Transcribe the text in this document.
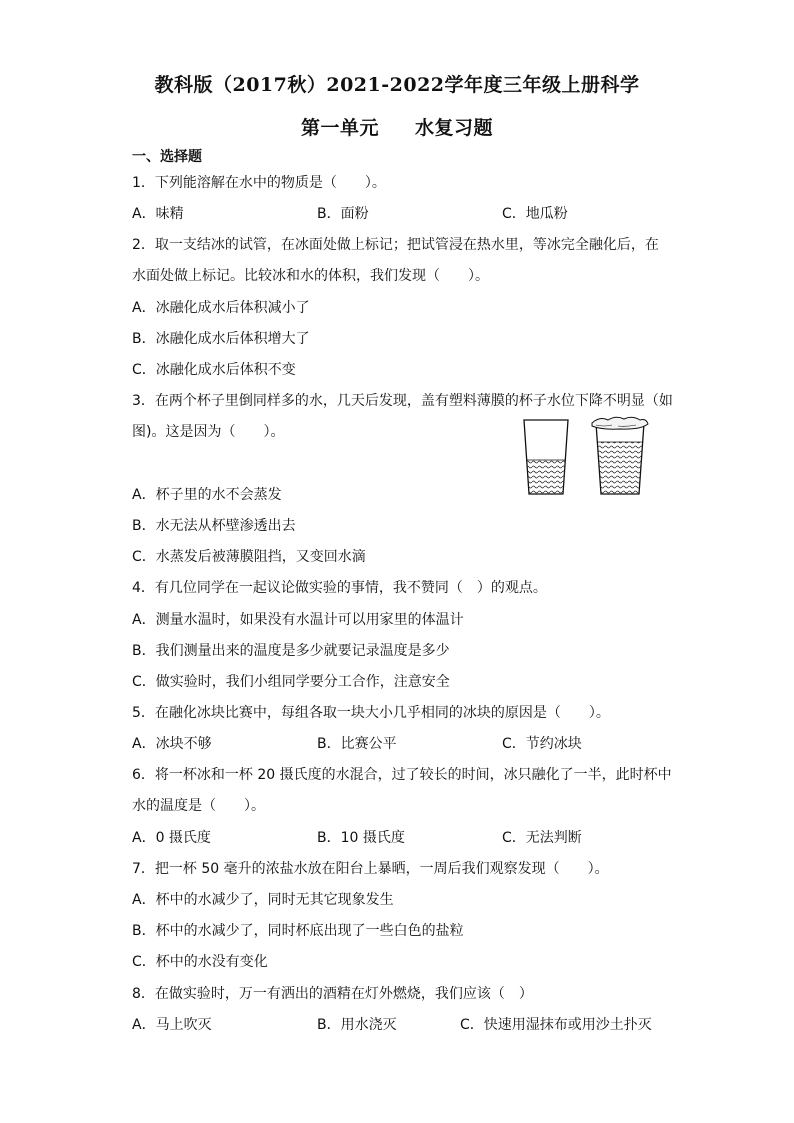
教科版（2017秋）2021-2022学年度三年级上册科学
第一单元 水复习题
一、选择题
1．下列能溶解在水中的物质是（　　）。
A．味精	B．面粉	C．地瓜粉
2．取一支结冰的试管，在冰面处做上标记；把试管浸在热水里，等冰完全融化后，在
水面处做上标记。比较冰和水的体积，我们发现（　　）。
A．冰融化成水后体积减小了
B．冰融化成水后体积增大了
C．冰融化成水后体积不变
3．在两个杯子里倒同样多的水，几天后发现，盖有塑料薄膜的杯子水位下降不明显（如
图)。这是因为（　　）。
A．杯子里的水不会蒸发
B．水无法从杯壁渗透出去
C．水蒸发后被薄膜阻挡，又变回水滴
4．有几位同学在一起议论做实验的事情，我不赞同（　）的观点。
A．测量水温时，如果没有水温计可以用家里的体温计
B．我们测量出来的温度是多少就要记录温度是多少
C．做实验时，我们小组同学要分工合作，注意安全
5．在融化冰块比赛中，每组各取一块大小几乎相同的冰块的原因是（　　）。
A．冰块不够	B．比赛公平	C．节约冰块
6．将一杯冰和一杯 20 摄氏度的水混合，过了较长的时间，冰只融化了一半，此时杯中
水的温度是（　　）。
A．0 摄氏度	B．10 摄氏度	C．无法判断
7．把一杯 50 毫升的浓盐水放在阳台上暴晒，一周后我们观察发现（　　）。
A．杯中的水减少了，同时无其它现象发生
B．杯中的水减少了，同时杯底出现了一些白色的盐粒
C．杯中的水没有变化
8．在做实验时，万一有洒出的酒精在灯外燃烧，我们应该（　）
A．马上吹灭	B．用水浇灭	C．快速用湿抹布或用沙土扑灭
